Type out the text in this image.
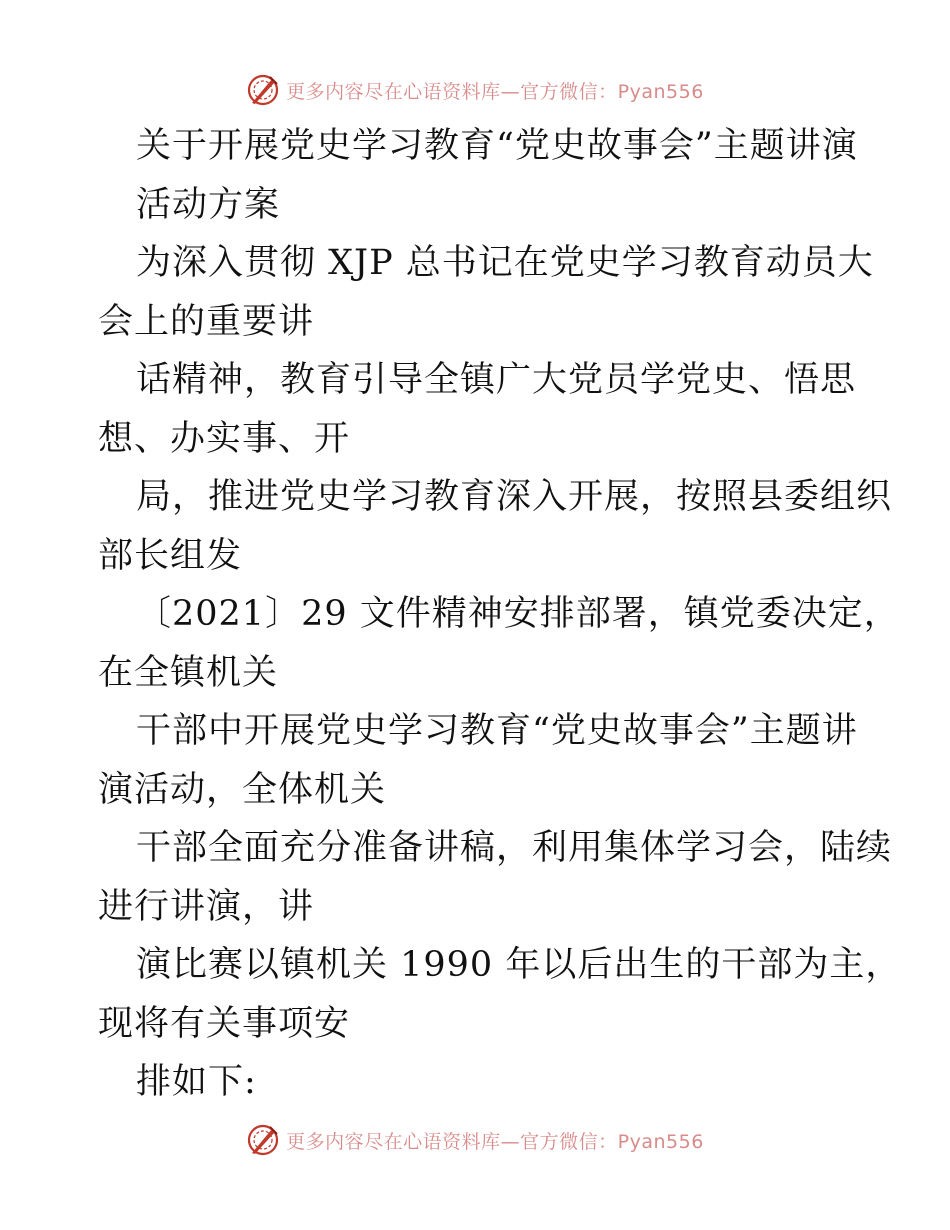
更多内容尽在心语资料库—官方微信：Pyan556
关于开展党史学习教育“党史故事会”主题讲演
活动方案
为深入贯彻 XJP 总书记在党史学习教育动员大
会上的重要讲
话精神，教育引导全镇广大党员学党史、悟思
想、办实事、开
局，推进党史学习教育深入开展，按照县委组织
部长组发
〔2021〕29 文件精神安排部署，镇党委决定，
在全镇机关
干部中开展党史学习教育“党史故事会”主题讲
演活动，全体机关
干部全面充分准备讲稿，利用集体学习会，陆续
进行讲演，讲
演比赛以镇机关 1990 年以后出生的干部为主，
现将有关事项安
排如下:
更多内容尽在心语资料库—官方微信：Pyan556
